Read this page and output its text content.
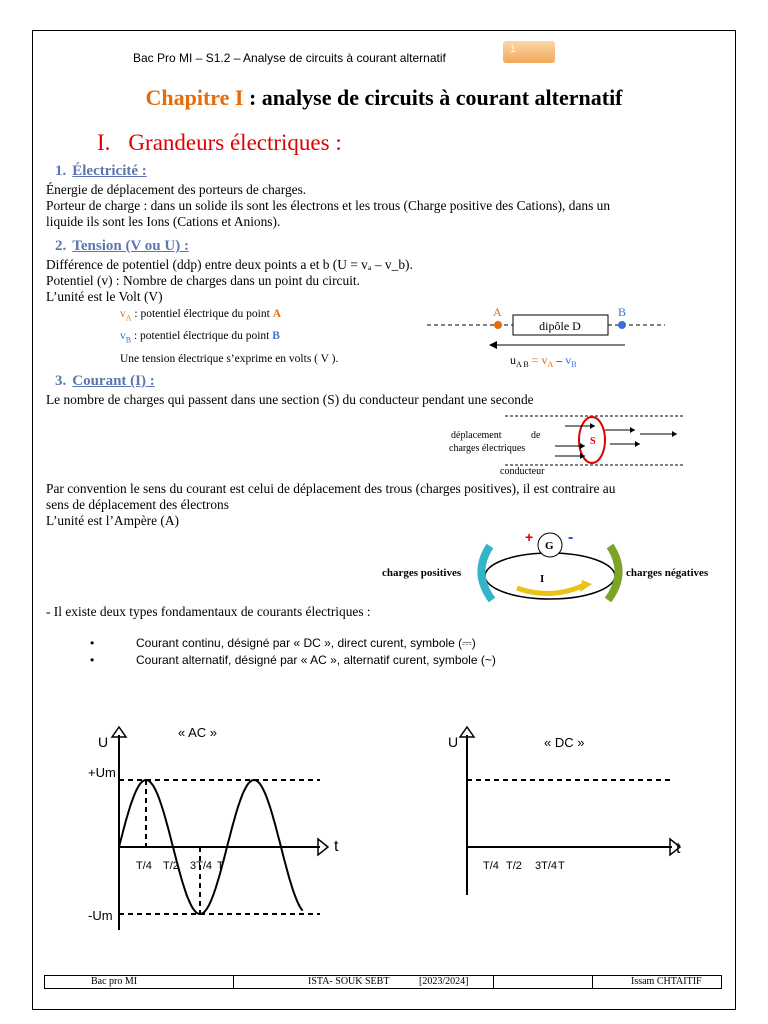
Bac Pro MI – S1.2 – Analyse de circuits à courant alternatif
1
Chapitre I : analyse de circuits à courant alternatif
I. Grandeurs électriques :
1. Électricité :
Énergie de déplacement des porteurs de charges.
Porteur de charge : dans un solide ils sont les électrons et les trous (Charge positive des Cations), dans un
liquide ils sont les Ions (Cations et Anions).
2. Tension (V ou U) :
Différence de potentiel (ddp) entre deux points a et b (U = vₐ – v_b).
Potentiel (v) : Nombre de charges dans un point du circuit.
L’unité est le Volt (V)
$v_A$ : potentiel électrique du point A
$v_B$ : potentiel électrique du point B
Une tension électrique s’exprime en volts ( V ).
dipôle D
A	B
$u_{A B} = v_A - v_B$
3. Courant (I) :
Le nombre de charges qui passent dans une section (S) du conducteur pendant une seconde
S
déplacement	de
charges électriques
conducteur
Par convention le sens du courant est celui de déplacement des trous (charges positives), il est contraire au
sens de déplacement des électrons
L’unité est l’Ampère (A)
G
+ -
I
charges positives	charges négatives
- Il existe deux types fondamentaux de courants électriques :
•	Courant continu, désigné par « DC », direct curent, symbole (⎓)
•	Courant alternatif, désigné par « AC », alternatif curent, symbole (~)
U
t
« AC »
T/4 T/2 3T/4 T
+Um
-Um
U
t
« DC »
T/4 T/2 3T/4 T
Bac pro MI	ISTA- SOUK SEBT	[2023/2024]	Issam CHTAITIF
